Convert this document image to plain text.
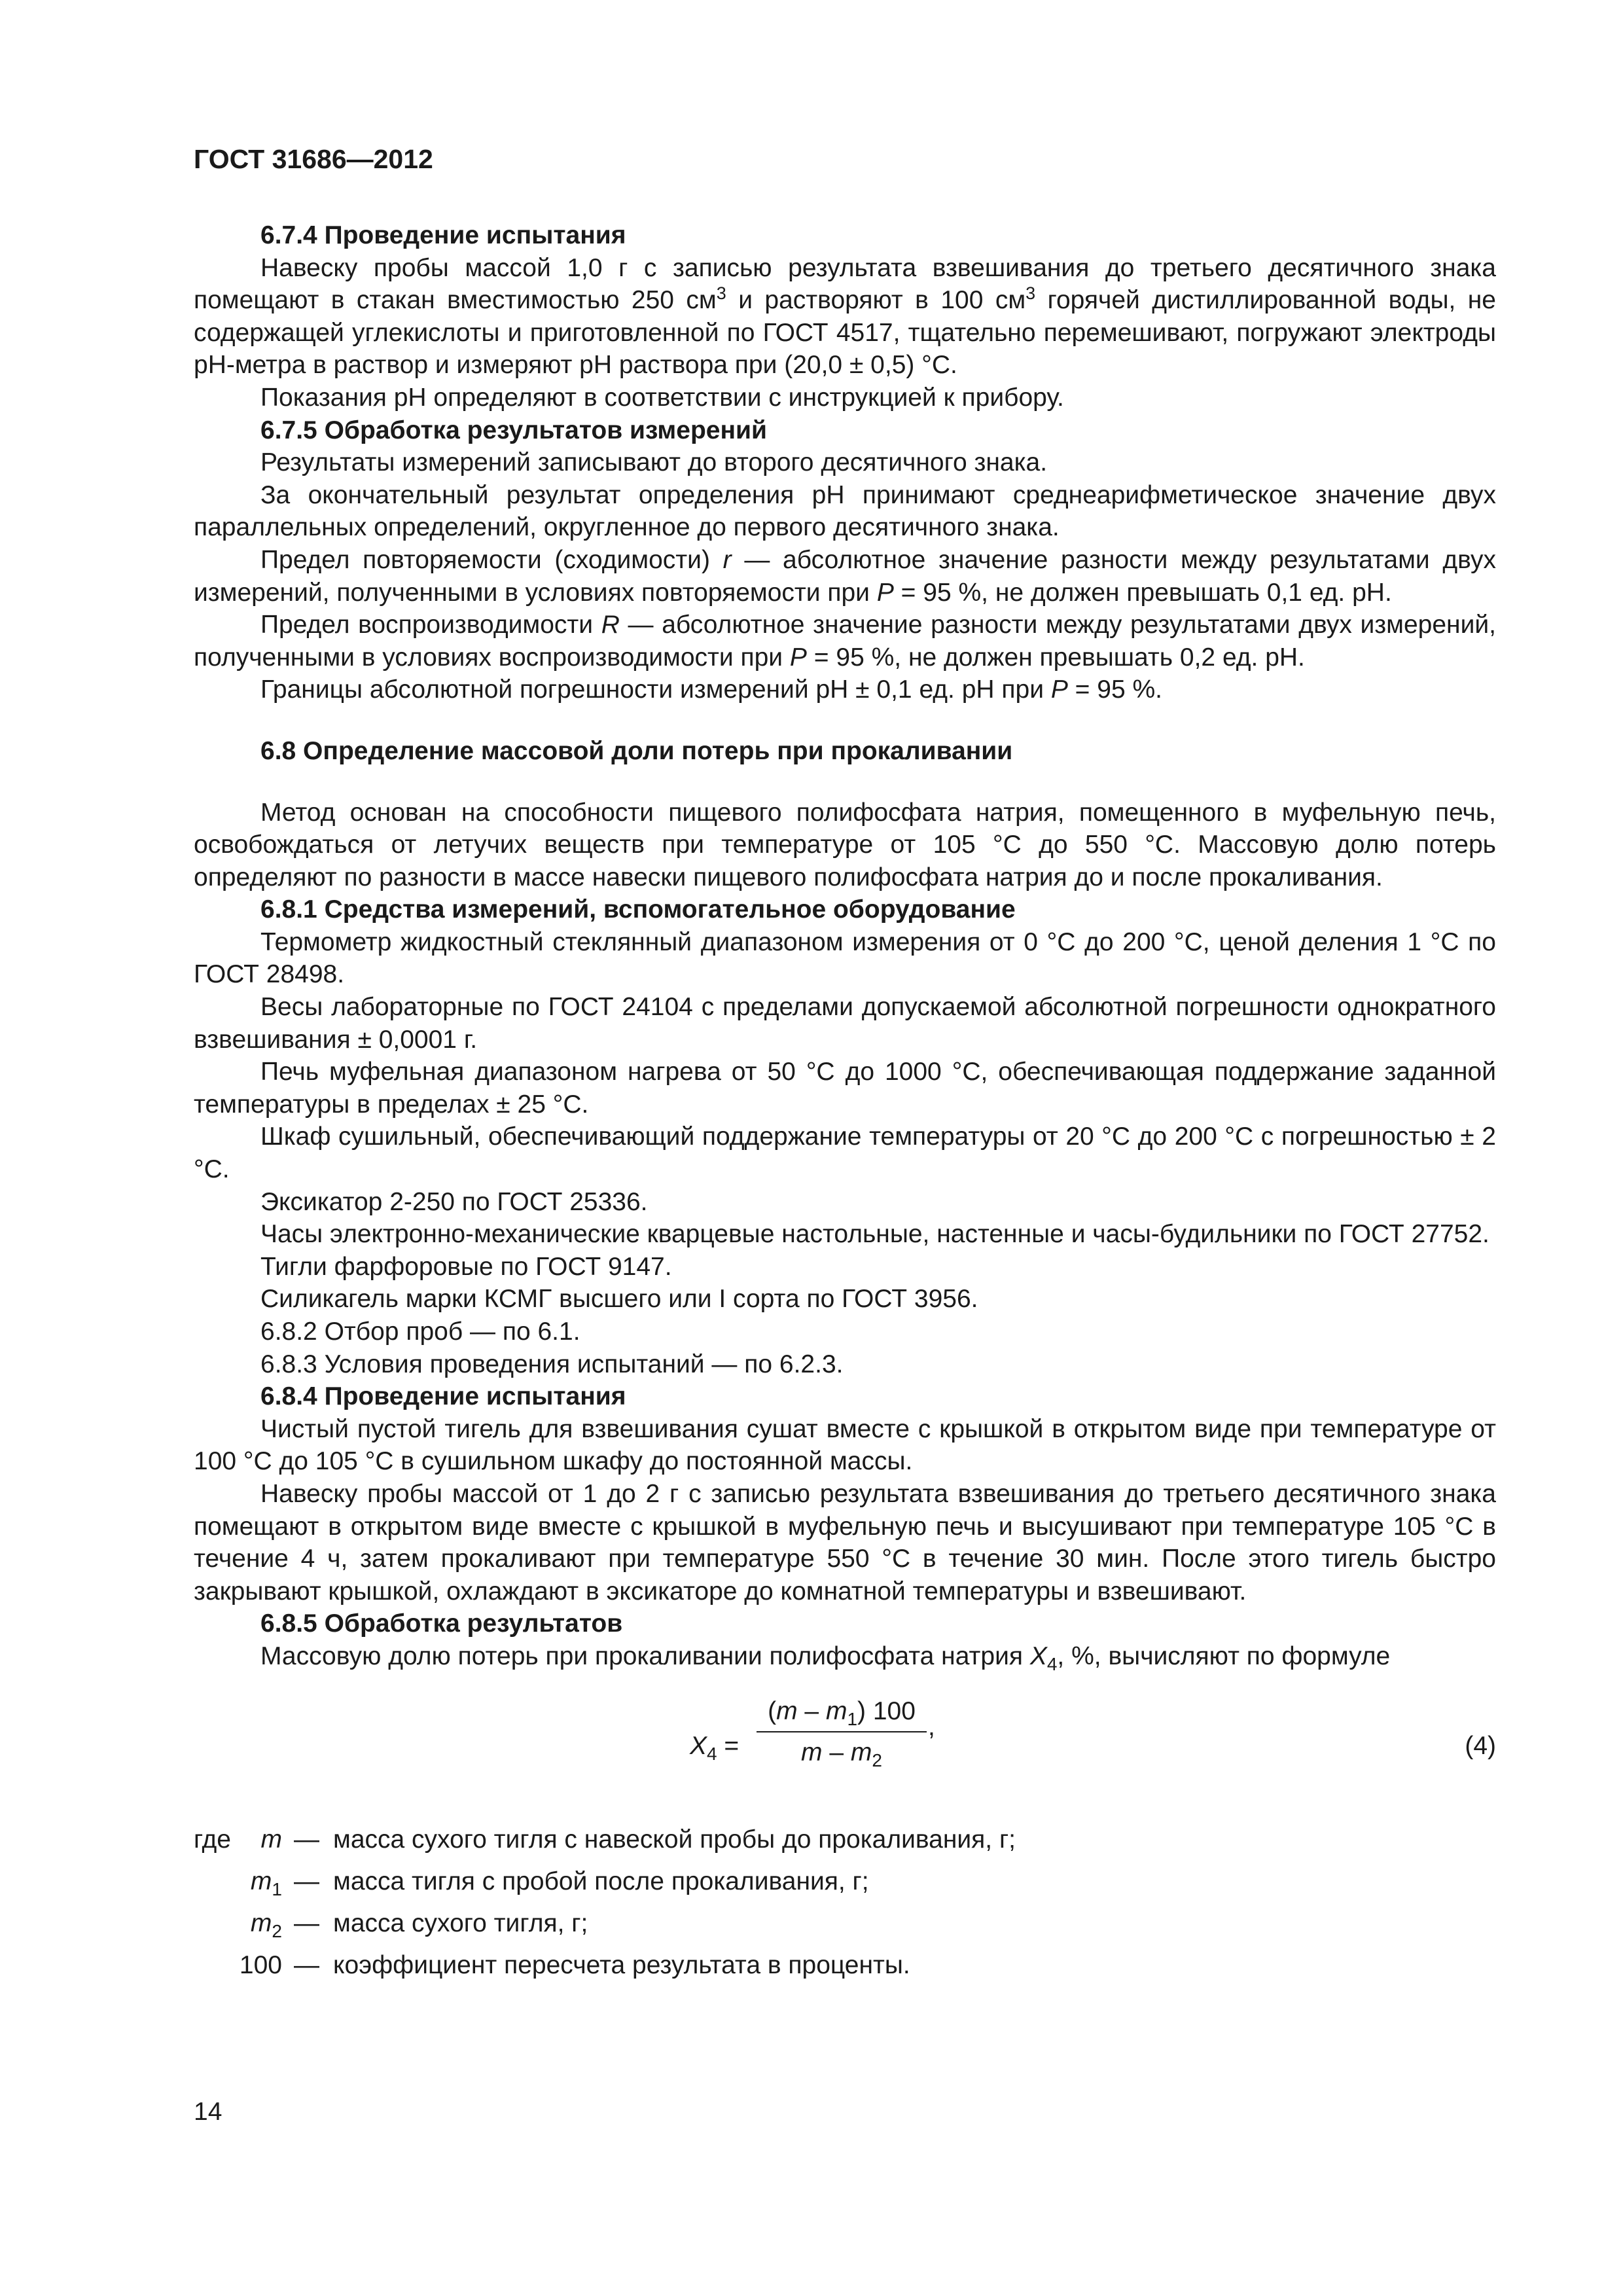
ГОСТ 31686—2012

6.7.4 Проведение испытания

Навеску пробы массой 1,0 г с записью результата взвешивания до третьего десятичного знака помещают в стакан вместимостью 250 $см^3$ и растворяют в 100 $см^3$ горячей дистиллированной воды, не содержащей углекислоты и приготовленной по ГОСТ 4517, тщательно перемешивают, погружают электроды рН-метра в раствор и измеряют рН раствора при (20,0 ± 0,5) °С.

Показания рН определяют в соответствии с инструкцией к прибору.

6.7.5 Обработка результатов измерений

Результаты измерений записывают до второго десятичного знака.

За окончательный результат определения рН принимают среднеарифметическое значение двух параллельных определений, округленное до первого десятичного знака.

Предел повторяемости (сходимости) r — абсолютное значение разности между результатами двух измерений, полученными в условиях повторяемости при P = 95 %, не должен превышать 0,1 ед. рН.

Предел воспроизводимости R — абсолютное значение разности между результатами двух измерений, полученными в условиях воспроизводимости при P = 95 %, не должен превышать 0,2 ед. рН.

Границы абсолютной погрешности измерений рН ± 0,1 ед. рН при P = 95 %.

6.8 Определение массовой доли потерь при прокаливании

Метод основан на способности пищевого полифосфата натрия, помещенного в муфельную печь, освобождаться от летучих веществ при температуре от 105 °С до 550 °С. Массовую долю потерь определяют по разности в массе навески пищевого полифосфата натрия до и после прокаливания.

6.8.1 Средства измерений, вспомогательное оборудование

Термометр жидкостный стеклянный диапазоном измерения от 0 °С до 200 °С, ценой деления 1 °С по ГОСТ 28498.

Весы лабораторные по ГОСТ 24104 с пределами допускаемой абсолютной погрешности однократного взвешивания ± 0,0001 г.

Печь муфельная диапазоном нагрева от 50 °С до 1000 °С, обеспечивающая поддержание заданной температуры в пределах ± 25 °С.

Шкаф сушильный, обеспечивающий поддержание температуры от 20 °С до 200 °С с погрешностью ± 2 °С.

Эксикатор 2-250 по ГОСТ 25336.

Часы электронно-механические кварцевые настольные, настенные и часы-будильники по ГОСТ 27752.

Тигли фарфоровые по ГОСТ 9147.

Силикагель марки КСМГ высшего или I сорта по ГОСТ 3956.

6.8.2 Отбор проб — по 6.1.

6.8.3 Условия проведения испытаний — по 6.2.3.

6.8.4 Проведение испытания

Чистый пустой тигель для взвешивания сушат вместе с крышкой в открытом виде при температуре от 100 °С до 105 °С в сушильном шкафу до постоянной массы.

Навеску пробы массой от 1 до 2 г с записью результата взвешивания до третьего десятичного знака помещают в открытом виде вместе с крышкой в муфельную печь и высушивают при температуре 105 °С в течение 4 ч, затем прокаливают при температуре 550 °С в течение 30 мин. После этого тигель быстро закрывают крышкой, охлаждают в эксикаторе до комнатной температуры и взвешивают.

6.8.5 Обработка результатов

Массовую долю потерь при прокаливании полифосфата натрия $X_4$, %, вычисляют по формуле

$X_4$ =
$(m - m_1)$ 100
m – $m_2$
,
(4)
где	m — масса сухого тигля с навеской пробы до прокаливания, г;
$m_1$ — масса тигля с пробой после прокаливания, г;
$m_2$ — масса сухого тигля, г;
100 — коэффициент пересчета результата в проценты.
14
